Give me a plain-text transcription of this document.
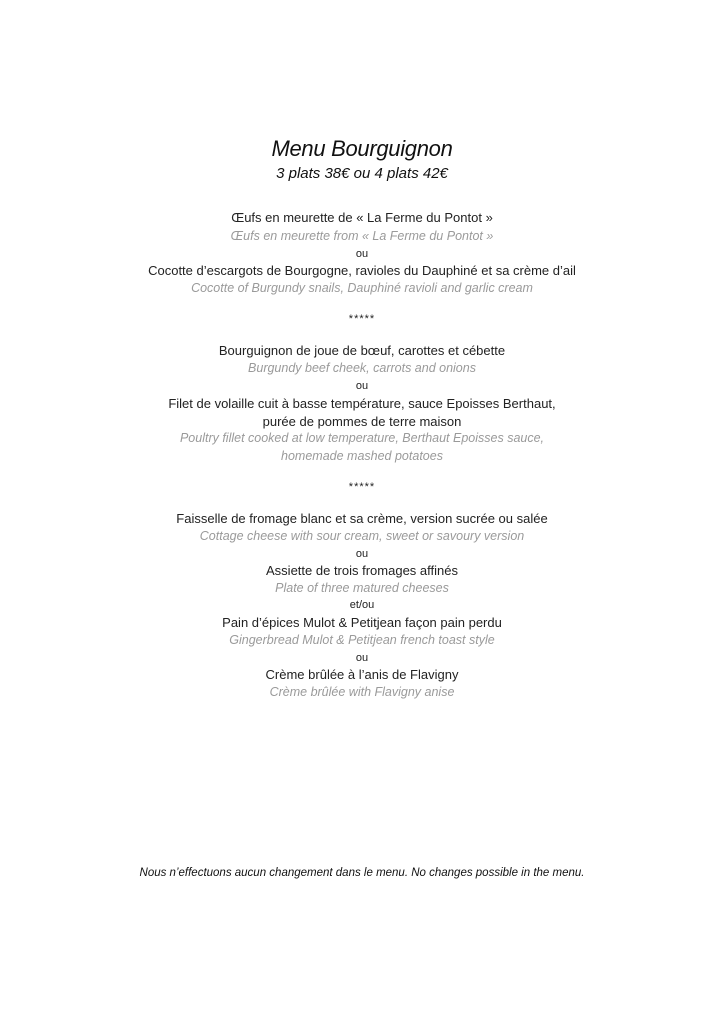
Menu Bourguignon
3 plats 38€ ou 4 plats 42€
Œufs en meurette de « La Ferme du Pontot »
Œufs en meurette from « La Ferme du Pontot »
ou
Cocotte d’escargots de Bourgogne, ravioles du Dauphiné et sa crème d’ail
Cocotte of Burgundy snails, Dauphiné ravioli and garlic cream
*****
Bourguignon de joue de bœuf, carottes et cébette
Burgundy beef cheek, carrots and onions
ou
Filet de volaille cuit à basse température, sauce Epoisses Berthaut,
purée de pommes de terre maison
Poultry fillet cooked at low temperature, Berthaut Epoisses sauce,
homemade mashed potatoes
*****
Faisselle de fromage blanc et sa crème, version sucrée ou salée
Cottage cheese with sour cream, sweet or savoury version
ou
Assiette de trois fromages affinés
Plate of three matured cheeses
et/ou
Pain d’épices Mulot & Petitjean façon pain perdu
Gingerbread Mulot & Petitjean french toast style
ou
Crème brûlée à l’anis de Flavigny
Crème brûlée with Flavigny anise
Nous n’effectuons aucun changement dans le menu. No changes possible in the menu.
